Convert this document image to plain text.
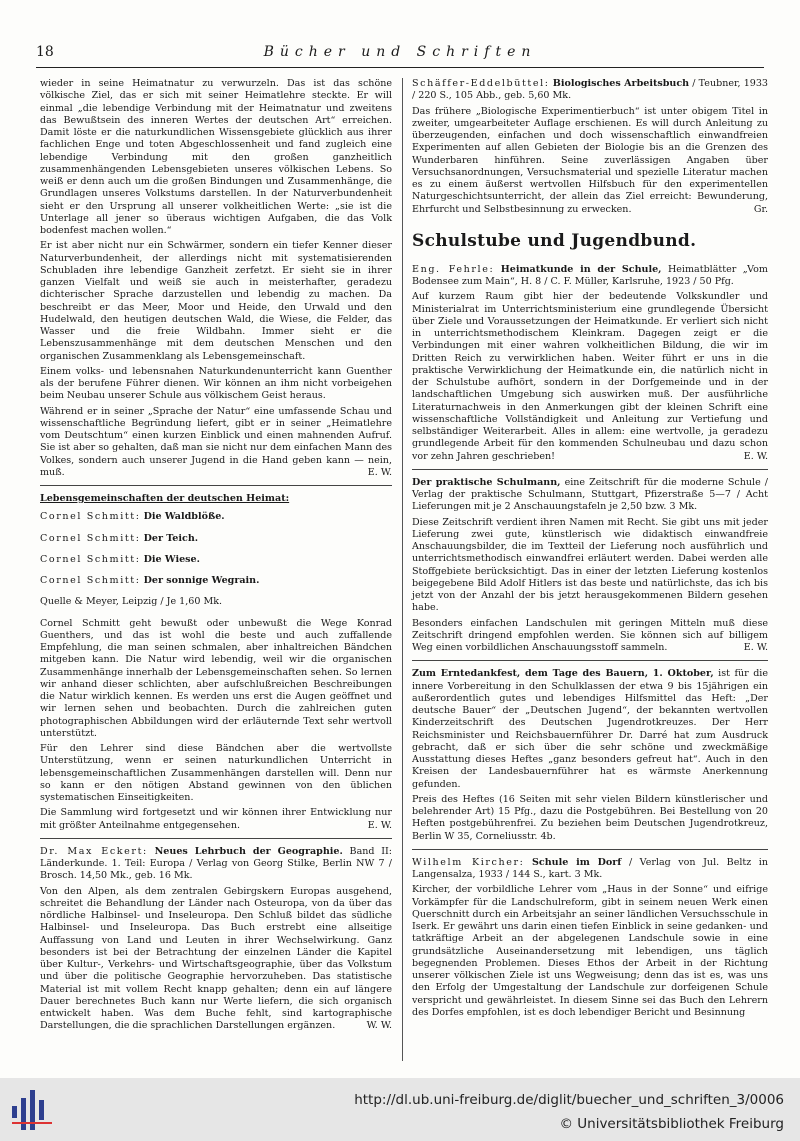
18	Bücher und Schriften

wieder in seine Heimatnatur zu verwurzeln. Das ist das schöne völkische Ziel, das er sich mit seiner Heimatlehre steckte. Er will einmal „die lebendige Verbindung mit der Heimatnatur und zweitens das Bewußtsein des inneren Wertes der deutschen Art“ erreichen. Damit löste er die naturkundlichen Wissensgebiete glücklich aus ihrer fachlichen Enge und toten Abgeschlossenheit und fand zugleich eine lebendige Verbindung mit den großen ganzheitlich zusammenhängenden Lebensgebieten unseres völkischen Lebens. So weiß er denn auch um die großen Bindungen und Zusammenhänge, die Grundlagen unseres Volkstums darstellen. In der Naturverbundenheit sieht er den Ursprung all unserer volkheitlichen Werte: „sie ist die Unterlage all jener so überaus wichtigen Aufgaben, die das Volk bodenfest machen wollen.“

Er ist aber nicht nur ein Schwärmer, sondern ein tiefer Kenner dieser Naturverbundenheit, der allerdings nicht mit systematisierenden Schubladen ihre lebendige Ganzheit zerfetzt. Er sieht sie in ihrer ganzen Vielfalt und weiß sie auch in meisterhafter, geradezu dichterischer Sprache darzustellen und lebendig zu machen. Da beschreibt er das Meer, Moor und Heide, den Urwald und den Hudelwald, den heutigen deutschen Wald, die Wiese, die Felder, das Wasser und die freie Wildbahn. Immer sieht er die Lebenszusammenhänge mit dem deutschen Menschen und den organischen Zusammenklang als Lebensgemeinschaft.

Einem volks- und lebensnahen Naturkundenunterricht kann Guenther als der berufene Führer dienen. Wir können an ihm nicht vorbeigehen beim Neubau unserer Schule aus völkischem Geist heraus.

Während er in seiner „Sprache der Natur“ eine umfassende Schau und wissenschaftliche Begründung liefert, gibt er in seiner „Heimatlehre vom Deutschtum“ einen kurzen Einblick und einen mahnenden Aufruf. Sie ist aber so gehalten, daß man sie nicht nur dem einfachen Mann des Volkes, sondern auch unserer Jugend in die Hand geben kann — nein, muß.	E. W.

Lebensgemeinschaften der deutschen Heimat:
Cornel Schmitt: Die Waldblöße.
Cornel Schmitt: Der Teich.
Cornel Schmitt: Die Wiese.
Cornel Schmitt: Der sonnige Wegrain.
Quelle & Meyer, Leipzig / Je 1,60 Mk.

Cornel Schmitt geht bewußt oder unbewußt die Wege Konrad Guenthers, und das ist wohl die beste und auch zuffallende Empfehlung, die man seinen schmalen, aber inhaltreichen Bändchen mitgeben kann. Die Natur wird lebendig, weil wir die organischen Zusammenhänge innerhalb der Lebensgemeinschaften sehen. So lernen wir anhand dieser schlichten, aber aufschlußreichen Beschreibungen die Natur wirklich kennen. Es werden uns erst die Augen geöffnet und wir lernen sehen und beobachten. Durch die zahlreichen guten photographischen Abbildungen wird der erläuternde Text sehr wertvoll unterstützt.

Für den Lehrer sind diese Bändchen aber die wertvollste Unterstützung, wenn er seinen naturkundlichen Unterricht in lebensgemeinschaftlichen Zusammenhängen darstellen will. Denn nur so kann er den nötigen Abstand gewinnen von den üblichen systematischen Einseitigkeiten.

Die Sammlung wird fortgesetzt und wir können ihrer Entwicklung nur mit größter Anteilnahme entgegensehen.	E. W.

Dr. Max Eckert: Neues Lehrbuch der Geographie. Band II: Länderkunde. 1. Teil: Europa / Verlag von Georg Stilke, Berlin NW 7 / Brosch. 14,50 Mk., geb. 16 Mk.

Von den Alpen, als dem zentralen Gebirgskern Europas ausgehend, schreitet die Behandlung der Länder nach Osteuropa, von da über das nördliche Halbinsel- und Inseleuropa. Den Schluß bildet das südliche Halbinsel- und Inseleuropa. Das Buch erstrebt eine allseitige Auffassung von Land und Leuten in ihrer Wechselwirkung. Ganz besonders ist bei der Betrachtung der einzelnen Länder die Kapitel über Kultur-, Verkehrs- und Wirtschaftsgeographie, über das Volkstum und über die politische Geographie hervorzuheben. Das statistische Material ist mit vollem Recht knapp gehalten; denn ein auf längere Dauer berechnetes Buch kann nur Werte liefern, die sich organisch entwickelt haben. Was dem Buche fehlt, sind kartographische Darstellungen, die die sprachlichen Darstellungen ergänzen.	W. W.

Schäffer-Eddelbüttel: Biologisches Arbeitsbuch / Teubner, 1933 / 220 S., 105 Abb., geb. 5,60 Mk.

Das frühere „Biologische Experimentierbuch“ ist unter obigem Titel in zweiter, umgearbeiteter Auflage erschienen. Es will durch Anleitung zu überzeugenden, einfachen und doch wissenschaftlich einwandfreien Experimenten auf allen Gebieten der Biologie bis an die Grenzen des Wunderbaren hinführen. Seine zuverlässigen Angaben über Versuchsanordnungen, Versuchsmaterial und spezielle Literatur machen es zu einem äußerst wertvollen Hilfsbuch für den experimentellen Naturgeschichtsunterricht, der allein das Ziel erreicht: Bewunderung, Ehrfurcht und Selbstbesinnung zu erwecken.	Gr.

Schulstube und Jugendbund.

Eng. Fehrle: Heimatkunde in der Schule, Heimatblätter „Vom Bodensee zum Main“, H. 8 / C. F. Müller, Karlsruhe, 1923 / 50 Pfg.

Auf kurzem Raum gibt hier der bedeutende Volkskundler und Ministerialrat im Unterrichtsministerium eine grundlegende Übersicht über Ziele und Voraussetzungen der Heimatkunde. Er verliert sich nicht in unterrichtsmethodischem Kleinkram. Dagegen zeigt er die Verbindungen mit einer wahren volkheitlichen Bildung, die wir im Dritten Reich zu verwirklichen haben. Weiter führt er uns in die praktische Verwirklichung der Heimatkunde ein, die natürlich nicht in der Schulstube aufhört, sondern in der Dorfgemeinde und in der landschaftlichen Umgebung sich auswirken muß. Der ausführliche Literaturnachweis in den Anmerkungen gibt der kleinen Schrift eine wissenschaftliche Vollständigkeit und Anleitung zur Vertiefung und selbständiger Weiterarbeit. Alles in allem: eine wertvolle, ja geradezu grundlegende Arbeit für den kommenden Schulneubau und dazu schon vor zehn Jahren geschrieben!	E. W.

Der praktische Schulmann, eine Zeitschrift für die moderne Schule / Verlag der praktische Schulmann, Stuttgart, Pfizerstraße 5—7 / Acht Lieferungen mit je 2 Anschauungstafeln je 2,50 bzw. 3 Mk.

Diese Zeitschrift verdient ihren Namen mit Recht. Sie gibt uns mit jeder Lieferung zwei gute, künstlerisch wie didaktisch einwandfreie Anschauungsbilder, die im Textteil der Lieferung noch ausführlich und unterrichtsmethodisch einwandfrei erläutert werden. Dabei werden alle Stoffgebiete berücksichtigt. Das in einer der letzten Lieferung kostenlos beigegebene Bild Adolf Hitlers ist das beste und natürlichste, das ich bis jetzt von der Anzahl der bis jetzt herausgekommenen Bildern gesehen habe.

Besonders einfachen Landschulen mit geringen Mitteln muß diese Zeitschrift dringend empfohlen werden. Sie können sich auf billigem Weg einen vorbildlichen Anschauungsstoff sammeln.	E. W.

Zum Erntedankfest, dem Tage des Bauern, 1. Oktober, ist für die innere Vorbereitung in den Schulklassen der etwa 9 bis 15jährigen ein außerordentlich gutes und lebendiges Hilfsmittel das Heft: „Der deutsche Bauer“ der „Deutschen Jugend“, der bekannten wertvollen Kinderzeitschrift des Deutschen Jugendrotkreuzes. Der Herr Reichsminister und Reichsbauernführer Dr. Darré hat zum Ausdruck gebracht, daß er sich über die sehr schöne und zweckmäßige Ausstattung dieses Heftes „ganz besonders gefreut hat“. Auch in den Kreisen der Landesbauernführer hat es wärmste Anerkennung gefunden.

Preis des Heftes (16 Seiten mit sehr vielen Bildern künstlerischer und belehrender Art) 15 Pfg., dazu die Postgebühren. Bei Bestellung von 20 Heften postgebührenfrei. Zu beziehen beim Deutschen Jugendrotkreuz, Berlin W 35, Corneliusstr. 4b.

Wilhelm Kircher: Schule im Dorf / Verlag von Jul. Beltz in Langensalza, 1933 / 144 S., kart. 3 Mk.

Kircher, der vorbildliche Lehrer vom „Haus in der Sonne“ und eifrige Vorkämpfer für die Landschulreform, gibt in seinem neuen Werk einen Querschnitt durch ein Arbeitsjahr an seiner ländlichen Versuchsschule in Iserk. Er gewährt uns darin einen tiefen Einblick in seine gedanken- und tatkräftige Arbeit an der abgelegenen Landschule sowie in eine grundsätzliche Auseinandersetzung mit lebendigen, uns täglich begegnenden Problemen. Dieses Ethos der Arbeit in der Richtung unserer völkischen Ziele ist uns Wegweisung; denn das ist es, was uns den Erfolg der Umgestaltung der Landschule zur dorfeigenen Schule verspricht und gewährleistet. In diesem Sinne sei das Buch den Lehrern des Dorfes empfohlen, ist es doch lebendiger Bericht und Besinnung

http://dl.ub.uni-freiburg.de/diglit/buecher_und_schriften_3/0006
© Universitätsbibliothek Freiburg
